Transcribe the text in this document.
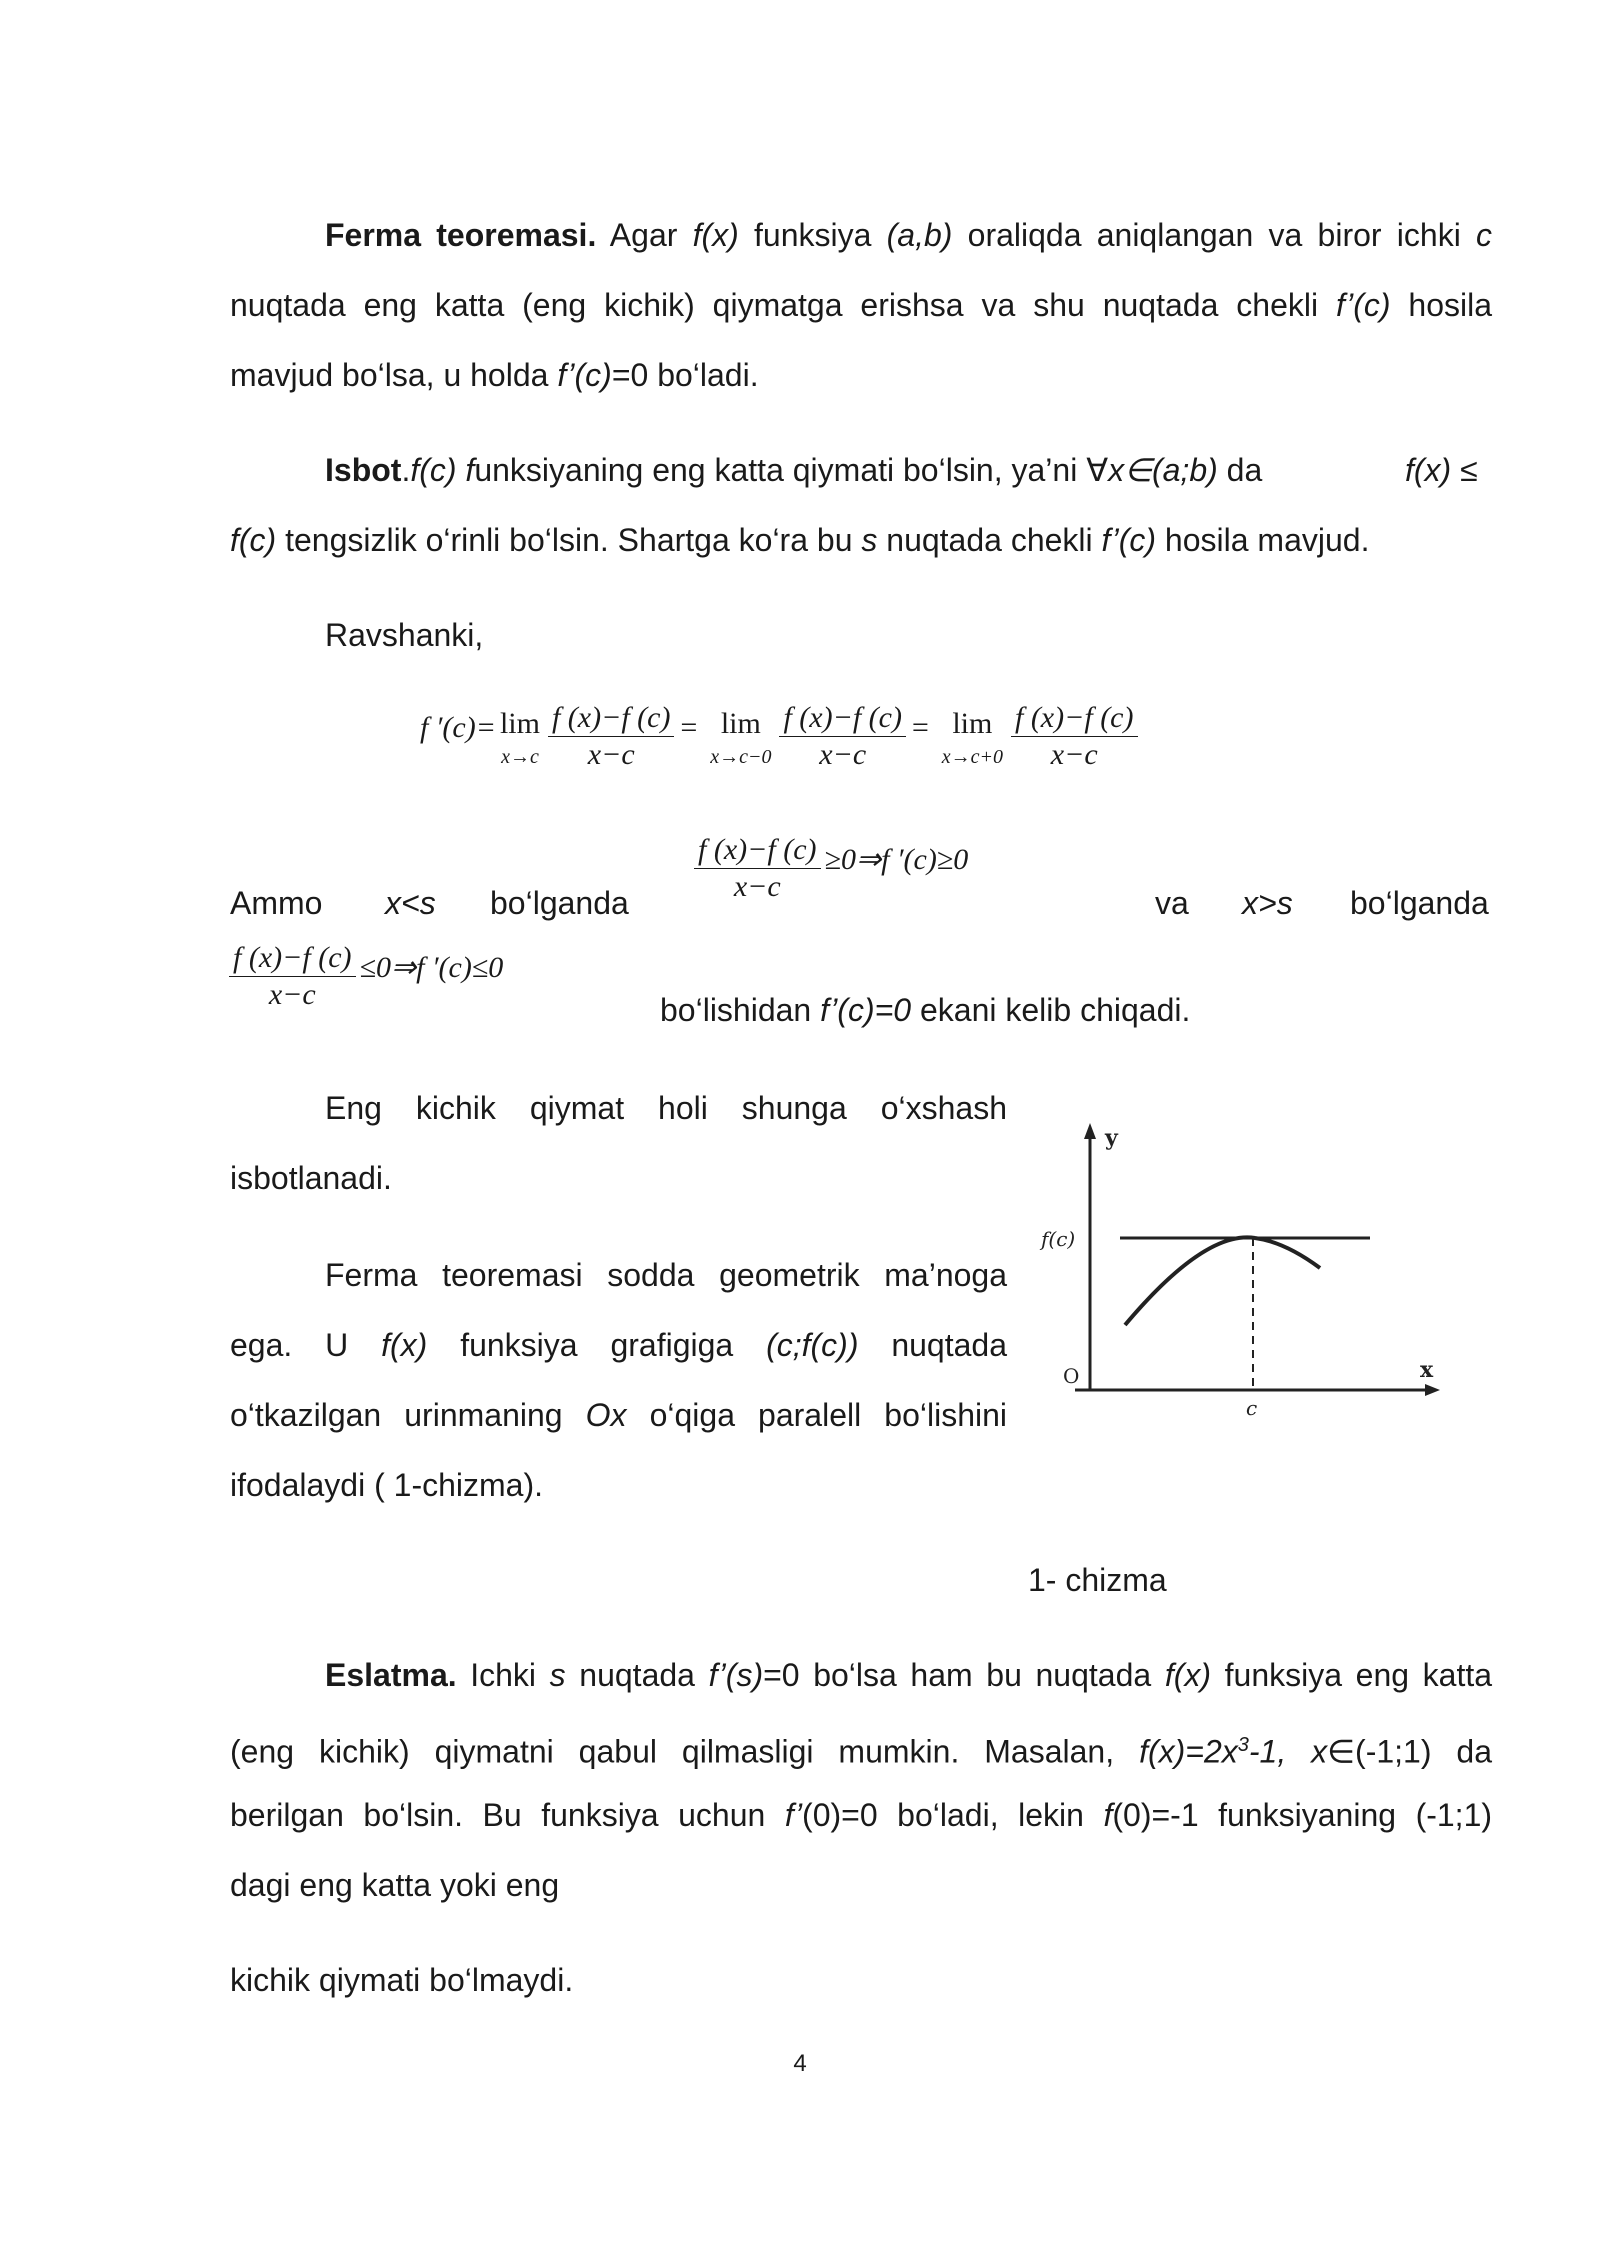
Ferma teoremasi. Agar f(x) funksiya (a,b) oraliqda aniqlangan va biror ichki c
nuqtada eng katta (eng kichik) qiymatga erishsa va shu nuqtada chekli f’(c) hosila
mavjud bo‘lsa, u holda f’(c)=0 bo‘ladi.
Isbot.f(c) funksiyaning eng katta qiymati bo‘lsin, ya’ni ∀x∈(a;b) da	f(x) ≤
f(c) tengsizlik o‘rinli bo‘lsin. Shartga ko‘ra bu s nuqtada chekli f’(c) hosila mavjud.
Ravshanki,
f ′(c)= lim
$x\to c \frac{f (x)-f (c)}{x-c} = \lim$
$x\to c-0 \frac{f (x)-f (c)}{x-c} = \lim$
$x\to c+0 \frac{f (x)-f (c)}{x-c}$
Ammo x<s bo‘lganda $\frac{f (x)-f (c)}{x-c}$ ≥0⇒f ′(c)≥0
va x>s bo‘lganda
$\frac{f (x)-f (c)}{x-c}$ ≤0⇒f ′(c)≤0
bo‘lishidan f’(c)=0 ekani kelib chiqadi.
Eng kichik qiymat holi shunga o‘xshash
isbotlanadi.
Ferma teoremasi sodda geometrik ma’noga
ega. U f(x) funksiya grafigiga (c;f(c)) nuqtada
o‘tkazilgan urinmaning Ox o‘qiga paralell bo‘lishini
ifodalaydi ( 1-chizma).
y
x
O
f(c)
c
1- chizma
Eslatma. Ichki s nuqtada f’(s)=0 bo‘lsa ham bu nuqtada f(x) funksiya eng katta
(eng kichik) qiymatni qabul qilmasligi mumkin. Masalan, $f(x)=2x^3-1$, x∈(-1;1) da
berilgan bo‘lsin. Bu funksiya uchun f’(0)=0 bo‘ladi, lekin f(0)=-1 funksiyaning (-1;1)
dagi eng katta yoki eng
kichik qiymati bo‘lmaydi.
4
